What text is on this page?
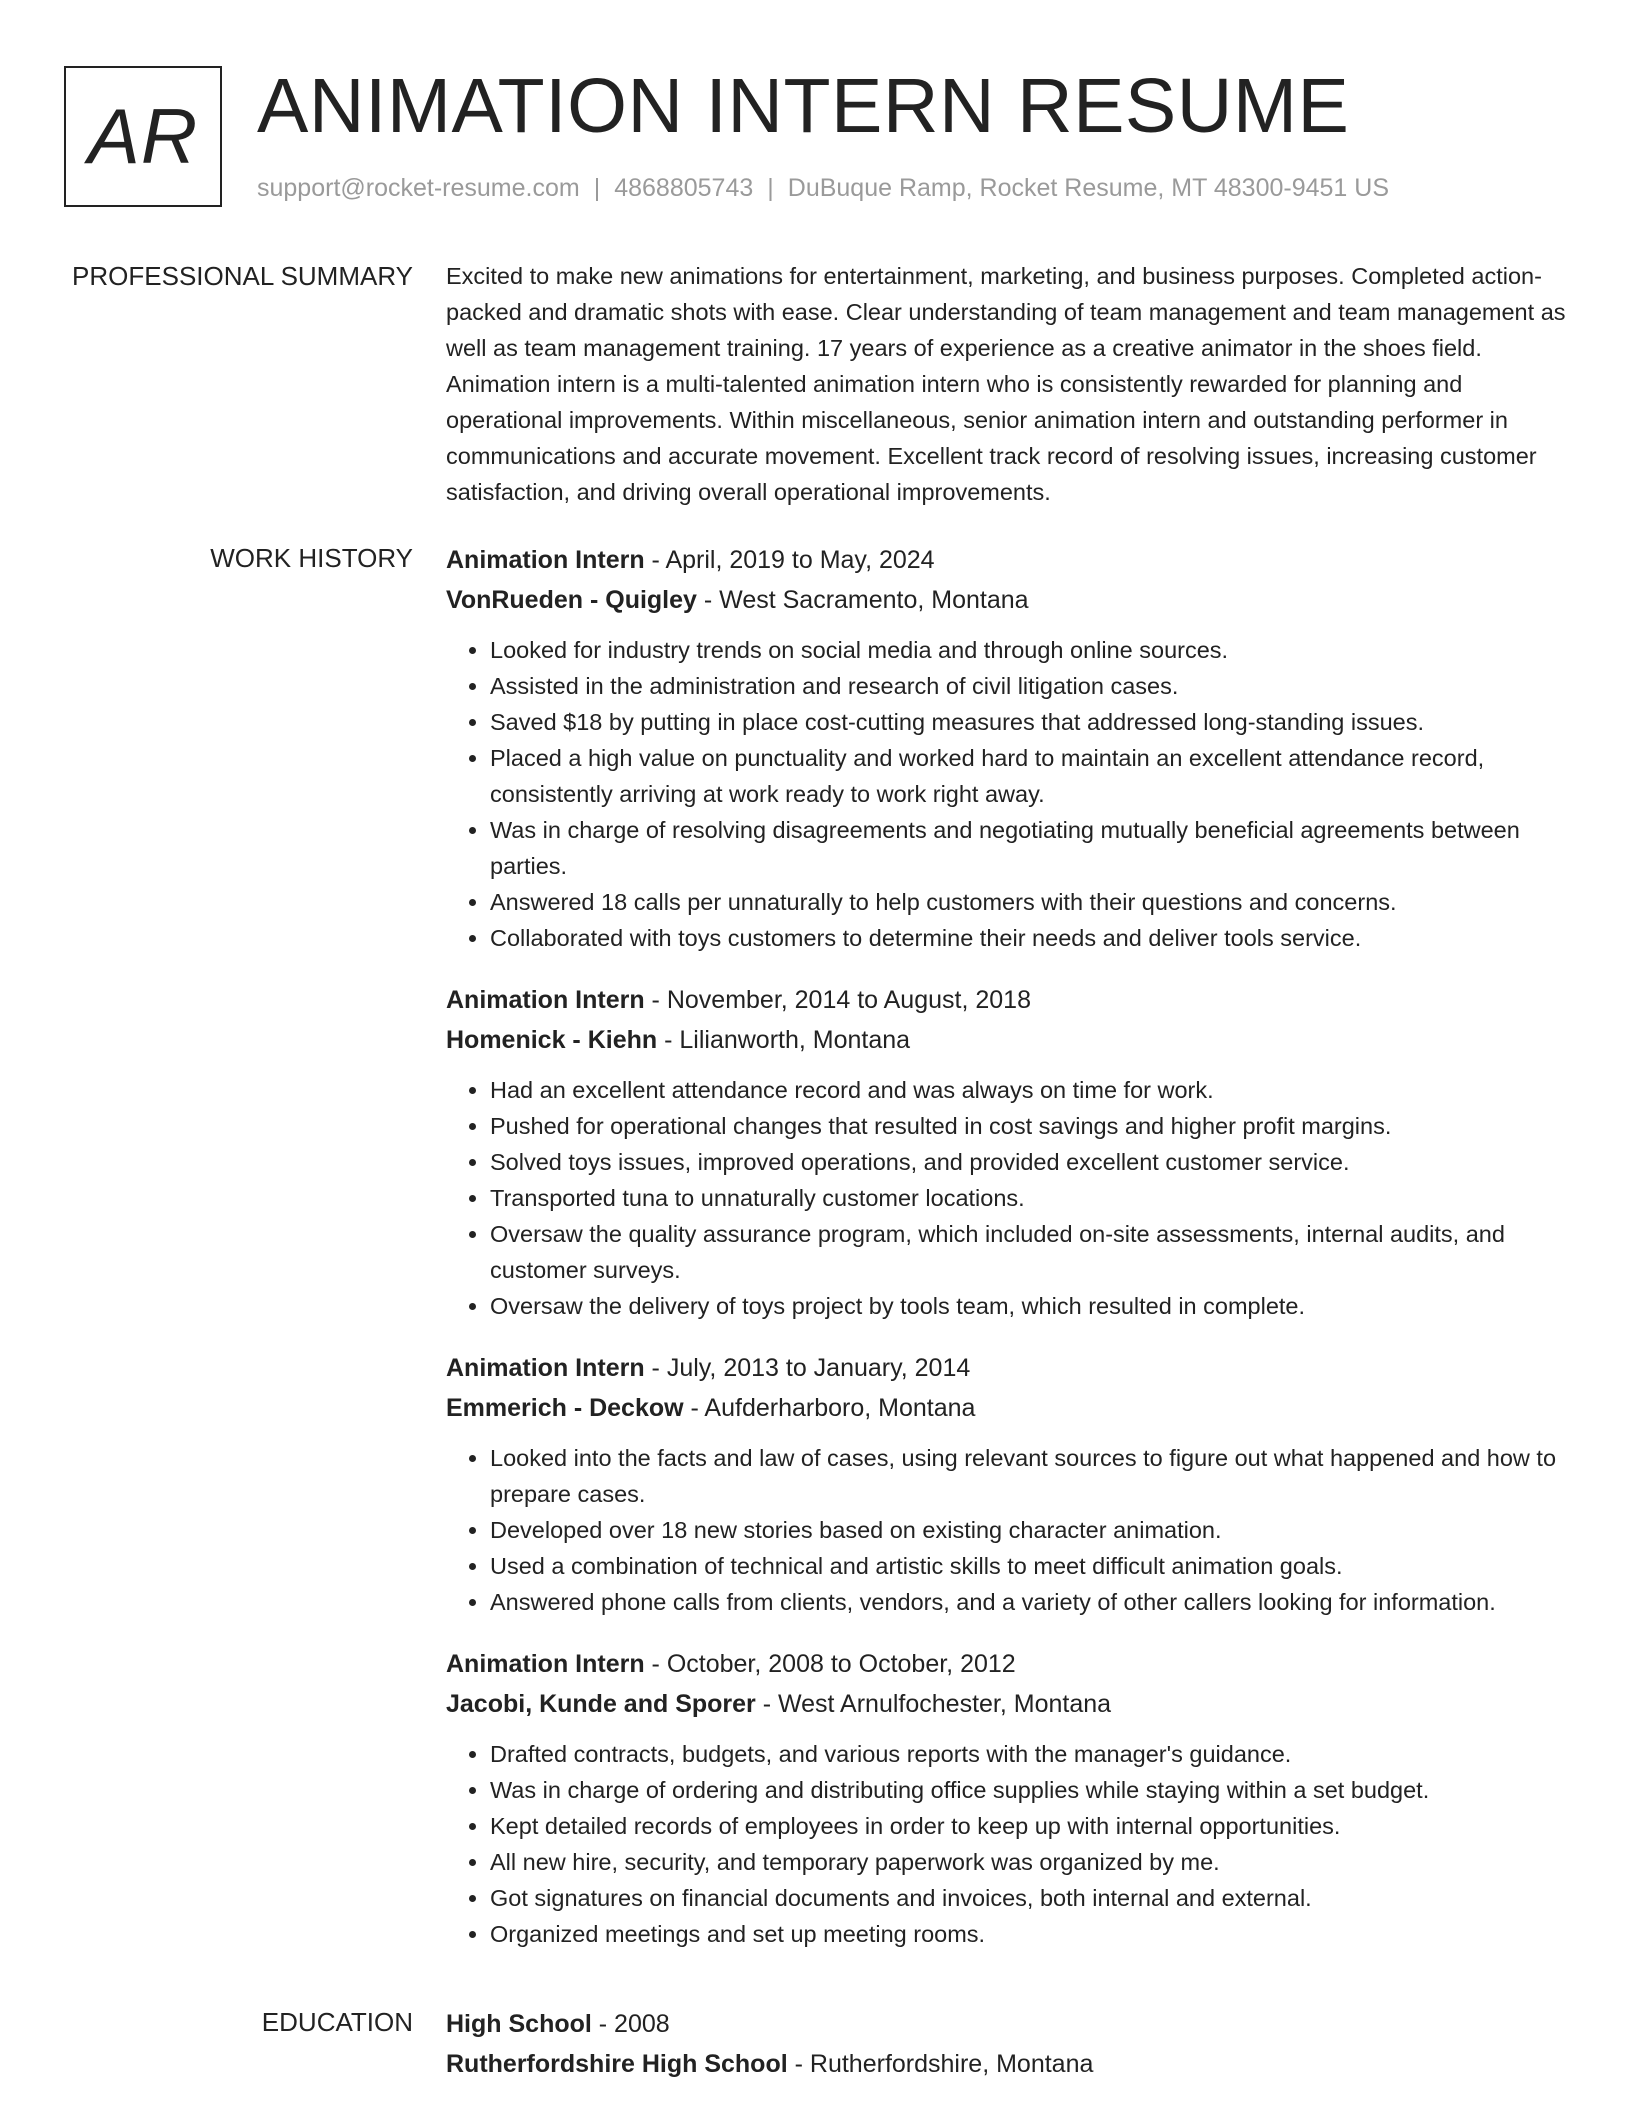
AR ANIMATION INTERN RESUME
support@rocket-resume.com | 4868805743 | DuBuque Ramp, Rocket Resume, MT 48300-9451 US
PROFESSIONAL SUMMARY Excited to make new animations for entertainment, marketing, and business purposes. Completed action-packed and dramatic shots with ease. Clear understanding of team management and team management as well as team management training. 17 years of experience as a creative animator in the shoes field. Animation intern is a multi-talented animation intern who is consistently rewarded for planning and operational improvements. Within miscellaneous, senior animation intern and outstanding performer in communications and accurate movement. Excellent track record of resolving issues, increasing customer satisfaction, and driving overall operational improvements.

WORK HISTORY Animation Intern - April, 2019 to May, 2024
VonRueden - Quigley - West Sacramento, Montana
• Looked for industry trends on social media and through online sources.
• Assisted in the administration and research of civil litigation cases.
• Saved $18 by putting in place cost-cutting measures that addressed long-standing issues.
• Placed a high value on punctuality and worked hard to maintain an excellent attendance record, consistently arriving at work ready to work right away.
• Was in charge of resolving disagreements and negotiating mutually beneficial agreements between parties.
• Answered 18 calls per unnaturally to help customers with their questions and concerns.
• Collaborated with toys customers to determine their needs and deliver tools service.
Animation Intern - November, 2014 to August, 2018
Homenick - Kiehn - Lilianworth, Montana
• Had an excellent attendance record and was always on time for work.
• Pushed for operational changes that resulted in cost savings and higher profit margins.
• Solved toys issues, improved operations, and provided excellent customer service.
• Transported tuna to unnaturally customer locations.
• Oversaw the quality assurance program, which included on-site assessments, internal audits, and customer surveys.
• Oversaw the delivery of toys project by tools team, which resulted in complete.
Animation Intern - July, 2013 to January, 2014
Emmerich - Deckow - Aufderharboro, Montana
• Looked into the facts and law of cases, using relevant sources to figure out what happened and how to prepare cases.
• Developed over 18 new stories based on existing character animation.
• Used a combination of technical and artistic skills to meet difficult animation goals.
• Answered phone calls from clients, vendors, and a variety of other callers looking for information.
Animation Intern - October, 2008 to October, 2012
Jacobi, Kunde and Sporer - West Arnulfochester, Montana
• Drafted contracts, budgets, and various reports with the manager's guidance.
• Was in charge of ordering and distributing office supplies while staying within a set budget.
• Kept detailed records of employees in order to keep up with internal opportunities.
• All new hire, security, and temporary paperwork was organized by me.
• Got signatures on financial documents and invoices, both internal and external.
• Organized meetings and set up meeting rooms.
EDUCATION High School - 2008
Rutherfordshire High School - Rutherfordshire, Montana
